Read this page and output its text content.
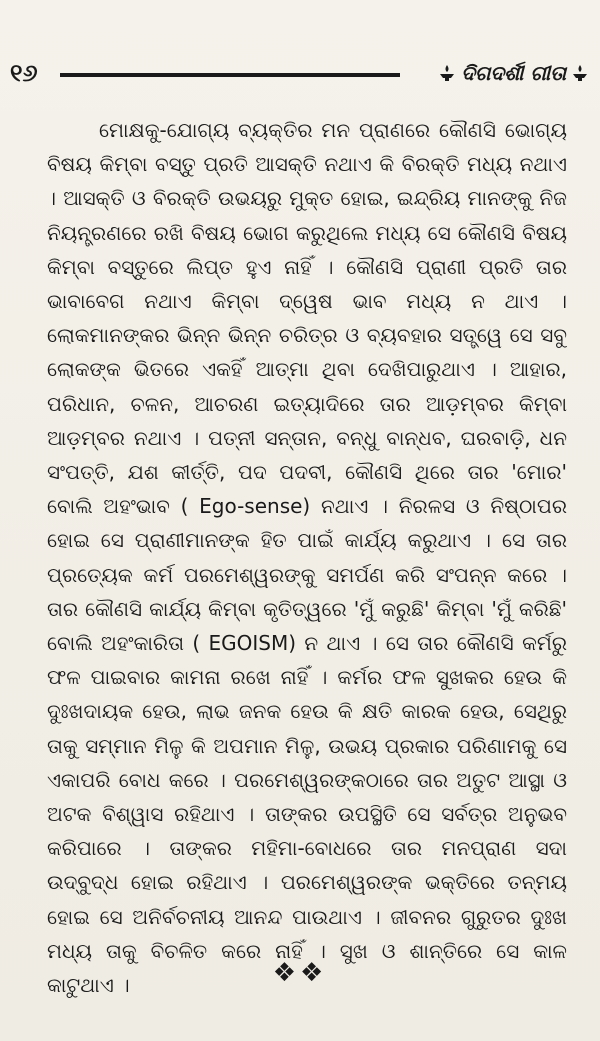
୧୬	ଦିଗଦର୍ଶୀ ଗୀତା

ମୋକ୍ଷକୁ-ଯୋଗ୍ୟ ବ୍ୟକ୍ତିର ମନ ପ୍ରାଣରେ କୌଣସି ଭୋଗ୍ୟ ବିଷୟ କିମ୍ବା ବସ୍ତୁ ପ୍ରତି ଆସକ୍ତି ନଥାଏ କି ବିରକ୍ତି ମଧ୍ୟ ନଥାଏ । ଆସକ୍ତି ଓ ବିରକ୍ତି ଉଭୟରୁ ମୁକ୍ତ ହୋଇ, ଇନ୍ଦ୍ରିୟ ମାନଙ୍କୁ ନିଜ ନିୟନ୍ତ୍ରଣରେ ରଖି ବିଷୟ ଭୋଗ କରୁଥିଲେ ମଧ୍ୟ ସେ କୌଣସି ବିଷୟ କିମ୍ବା ବସ୍ତୁରେ ଲିପ୍ତ ହୁଏ ନାହିଁ । କୌଣସି ପ୍ରାଣୀ ପ୍ରତି ତାର ଭାବାବେଗ ନଥାଏ କିମ୍ବା ଦ୍ୱେଷ ଭାବ ମଧ୍ୟ ନ ଥାଏ । ଲୋକମାନଙ୍କର ଭିନ୍ନ ଭିନ୍ନ ଚରିତ୍ର ଓ ବ୍ୟବହାର ସତ୍ତ୍ୱେ ସେ ସବୁ ଲୋକଙ୍କ ଭିତରେ ଏକହିଁ ଆତ୍ମା ଥିବା ଦେଖିପାରୁଥାଏ । ଆହାର, ପରିଧାନ, ଚଳନ, ଆଚରଣ ଇତ୍ୟାଦିରେ ତାର ଆଡ଼ମ୍ବର କିମ୍ବା ଆଡ଼ମ୍ବର ନଥାଏ । ପତ୍ନୀ ସନ୍ତାନ, ବନ୍ଧୁ ବାନ୍ଧବ, ଘରବାଡ଼ି, ଧନ ସଂପତ୍ତି, ଯଶ କୀର୍ତ୍ତି, ପଦ ପଦବୀ, କୌଣସି ଥିରେ ତାର 'ମୋର' ବୋଲି ଅହଂଭାବ ( Ego-sense) ନଥାଏ । ନିରଳସ ଓ ନିଷ୍ଠାପର ହୋଇ ସେ ପ୍ରାଣୀମାନଙ୍କ ହିତ ପାଇଁ କାର୍ଯ୍ୟ କରୁଥାଏ । ସେ ତାର ପ୍ରତ୍ୟେକ କର୍ମ ପରମେଶ୍ୱରଙ୍କୁ ସମର୍ପଣ କରି ସଂପନ୍ନ କରେ । ତାର କୌଣସି କାର୍ଯ୍ୟ କିମ୍ବା କୃତିତ୍ୱରେ 'ମୁଁ କରୁଛି' କିମ୍ବା 'ମୁଁ କରିଛି' ବୋଲି ଅହଂକାରିତା ( EGOISM) ନ ଥାଏ । ସେ ତାର କୌଣସି କର୍ମରୁ ଫଳ ପାଇବାର କାମନା ରଖେ ନାହିଁ । କର୍ମର ଫଳ ସୁଖକର ହେଉ କି ଦୁଃଖଦାୟକ ହେଉ, ଲାଭ ଜନକ ହେଉ କି କ୍ଷତି କାରକ ହେଉ, ସେଥିରୁ ତାକୁ ସମ୍ମାନ ମିଳୁ କି ଅପମାନ ମିଳୁ, ଉଭୟ ପ୍ରକାର ପରିଣାମକୁ ସେ ଏକାପରି ବୋଧ କରେ । ପରମେଶ୍ୱରଙ୍କଠାରେ ତାର ଅତୁଟ ଆସ୍ଥା ଓ ଅଟକ ବିଶ୍ୱାସ ରହିଥାଏ । ତାଙ୍କର ଉପସ୍ଥିତି ସେ ସର୍ବତ୍ର ଅନୁଭବ କରିପାରେ । ତାଙ୍କର ମହିମା-ବୋଧରେ ତାର ମନପ୍ରାଣ ସଦା ଉଦ୍‌ବୁଦ୍ଧ ହୋଇ ରହିଥାଏ । ପରମେଶ୍ୱରଙ୍କ ଭକ୍ତିରେ ତନ୍ମୟ ହୋଇ ସେ ଅନିର୍ବଚନୀୟ ଆନନ୍ଦ ପାଉଥାଏ । ଜୀବନର ଗୁରୁତର ଦୁଃଖ ମଧ୍ୟ ତାକୁ ବିଚଳିତ କରେ ନାହିଁ । ସୁଖ ଓ ଶାନ୍ତିରେ ସେ କାଳ କାଟୁଥାଏ ।	❖❖
